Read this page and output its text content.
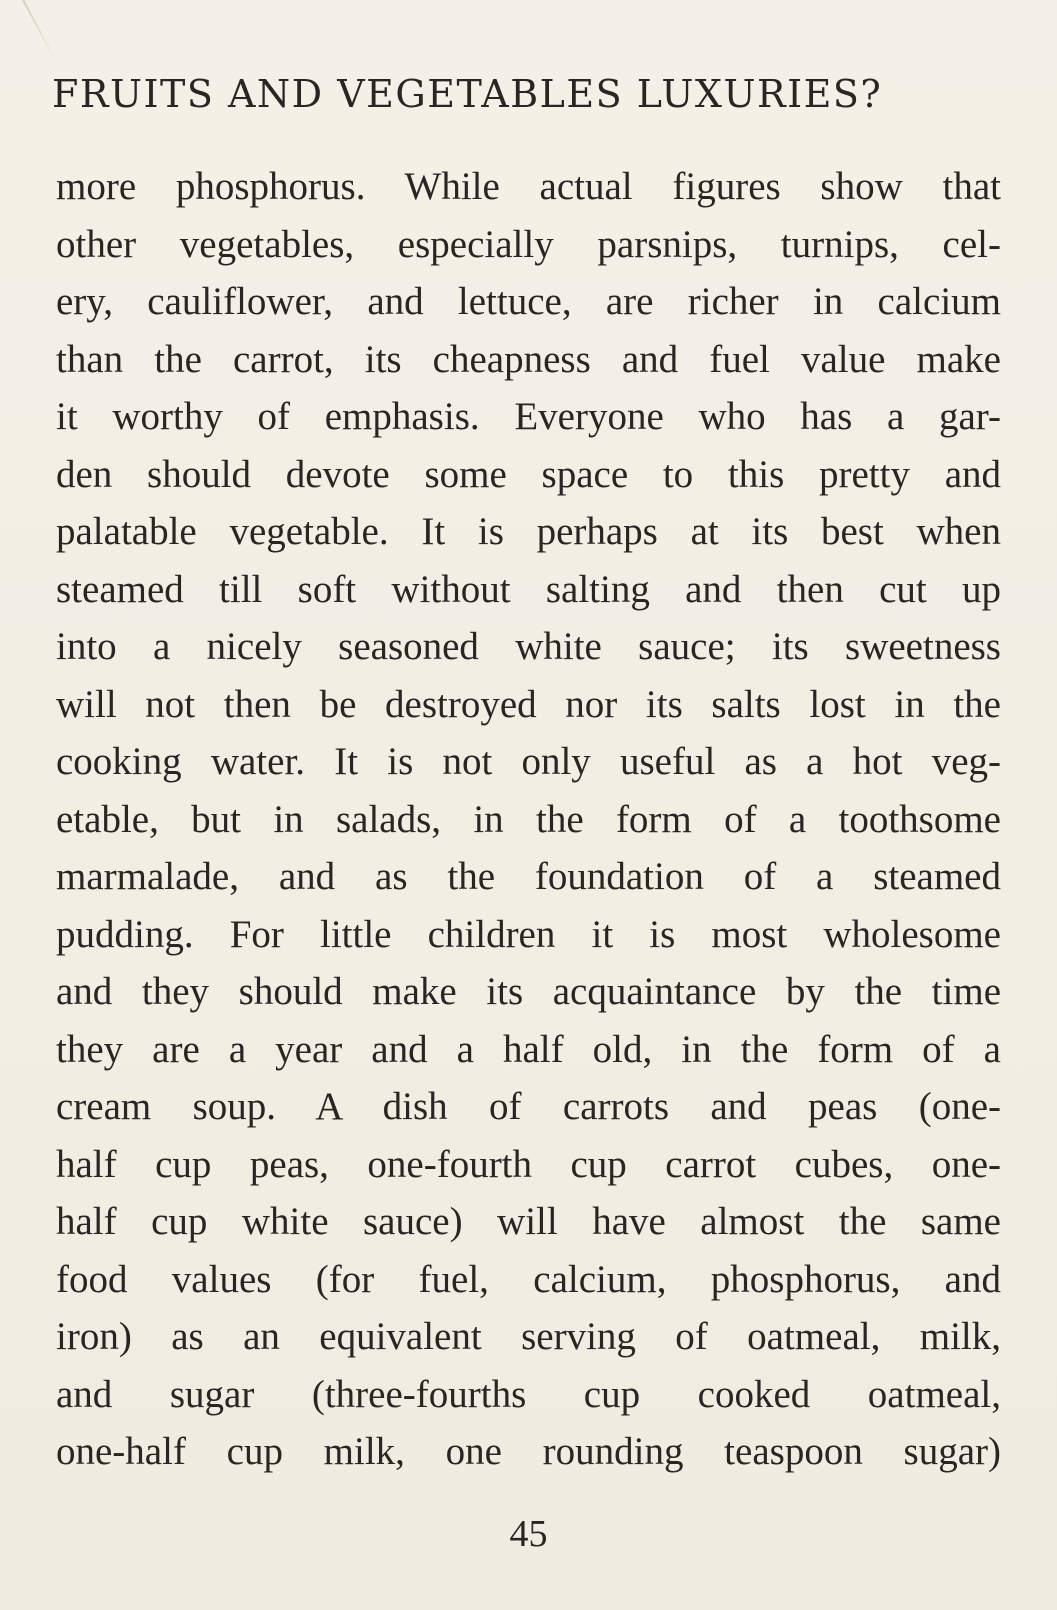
FRUITS AND VEGETABLES LUXURIES?
more phosphorus. While actual figures show that
other vegetables, especially parsnips, turnips, cel-
ery, cauliflower, and lettuce, are richer in calcium
than the carrot, its cheapness and fuel value make
it worthy of emphasis. Everyone who has a gar-
den should devote some space to this pretty and
palatable vegetable. It is perhaps at its best when
steamed till soft without salting and then cut up
into a nicely seasoned white sauce; its sweetness
will not then be destroyed nor its salts lost in the
cooking water. It is not only useful as a hot veg-
etable, but in salads, in the form of a toothsome
marmalade, and as the foundation of a steamed
pudding. For little children it is most wholesome
and they should make its acquaintance by the time
they are a year and a half old, in the form of a
cream soup. A dish of carrots and peas (one-
half cup peas, one-fourth cup carrot cubes, one-
half cup white sauce) will have almost the same
food values (for fuel, calcium, phosphorus, and
iron) as an equivalent serving of oatmeal, milk,
and sugar (three-fourths cup cooked oatmeal,
one-half cup milk, one rounding teaspoon sugar)
45
